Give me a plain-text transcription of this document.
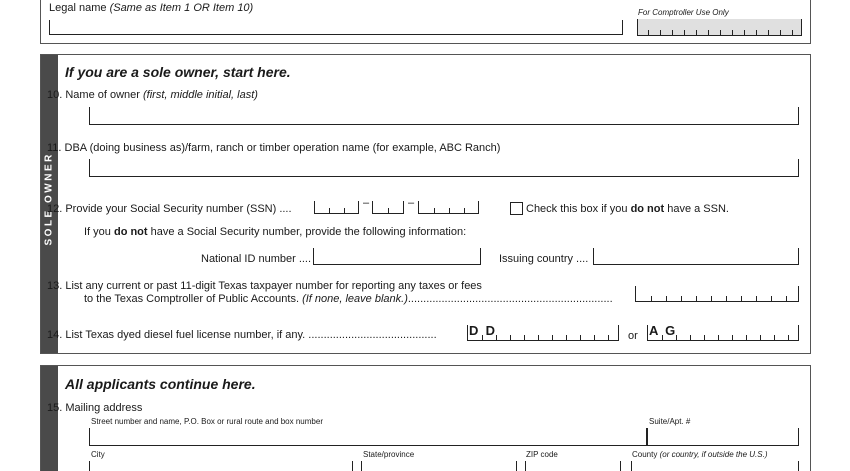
Legal name (Same as Item 1 OR Item 10)	For Comptroller Use Only
SOLE OWNER
If you are a sole owner, start here.
10. Name of owner (first, middle initial, last)
11. DBA (doing business as)/farm, ranch or timber operation name (for example, ABC Ranch)
12. Provide your Social Security number (SSN) ....	–	–	Check this box if you do not have a SSN.
If you do not have a Social Security number, provide the following information:
National ID number ....	Issuing country ....
13. List any current or past 11-digit Texas taxpayer number for reporting any taxes or fees
to the Texas Comptroller of Public Accounts. (If none, leave blank.)...................................................................
14. List Texas dyed diesel fuel license number, if any. .......................................... D  D	or A  G
All applicants continue here.
15. Mailing address
Street number and name, P.O. Box or rural route and box number	Suite/Apt. #
City	State/province	ZIP code	County (or country, if outside the U.S.)
